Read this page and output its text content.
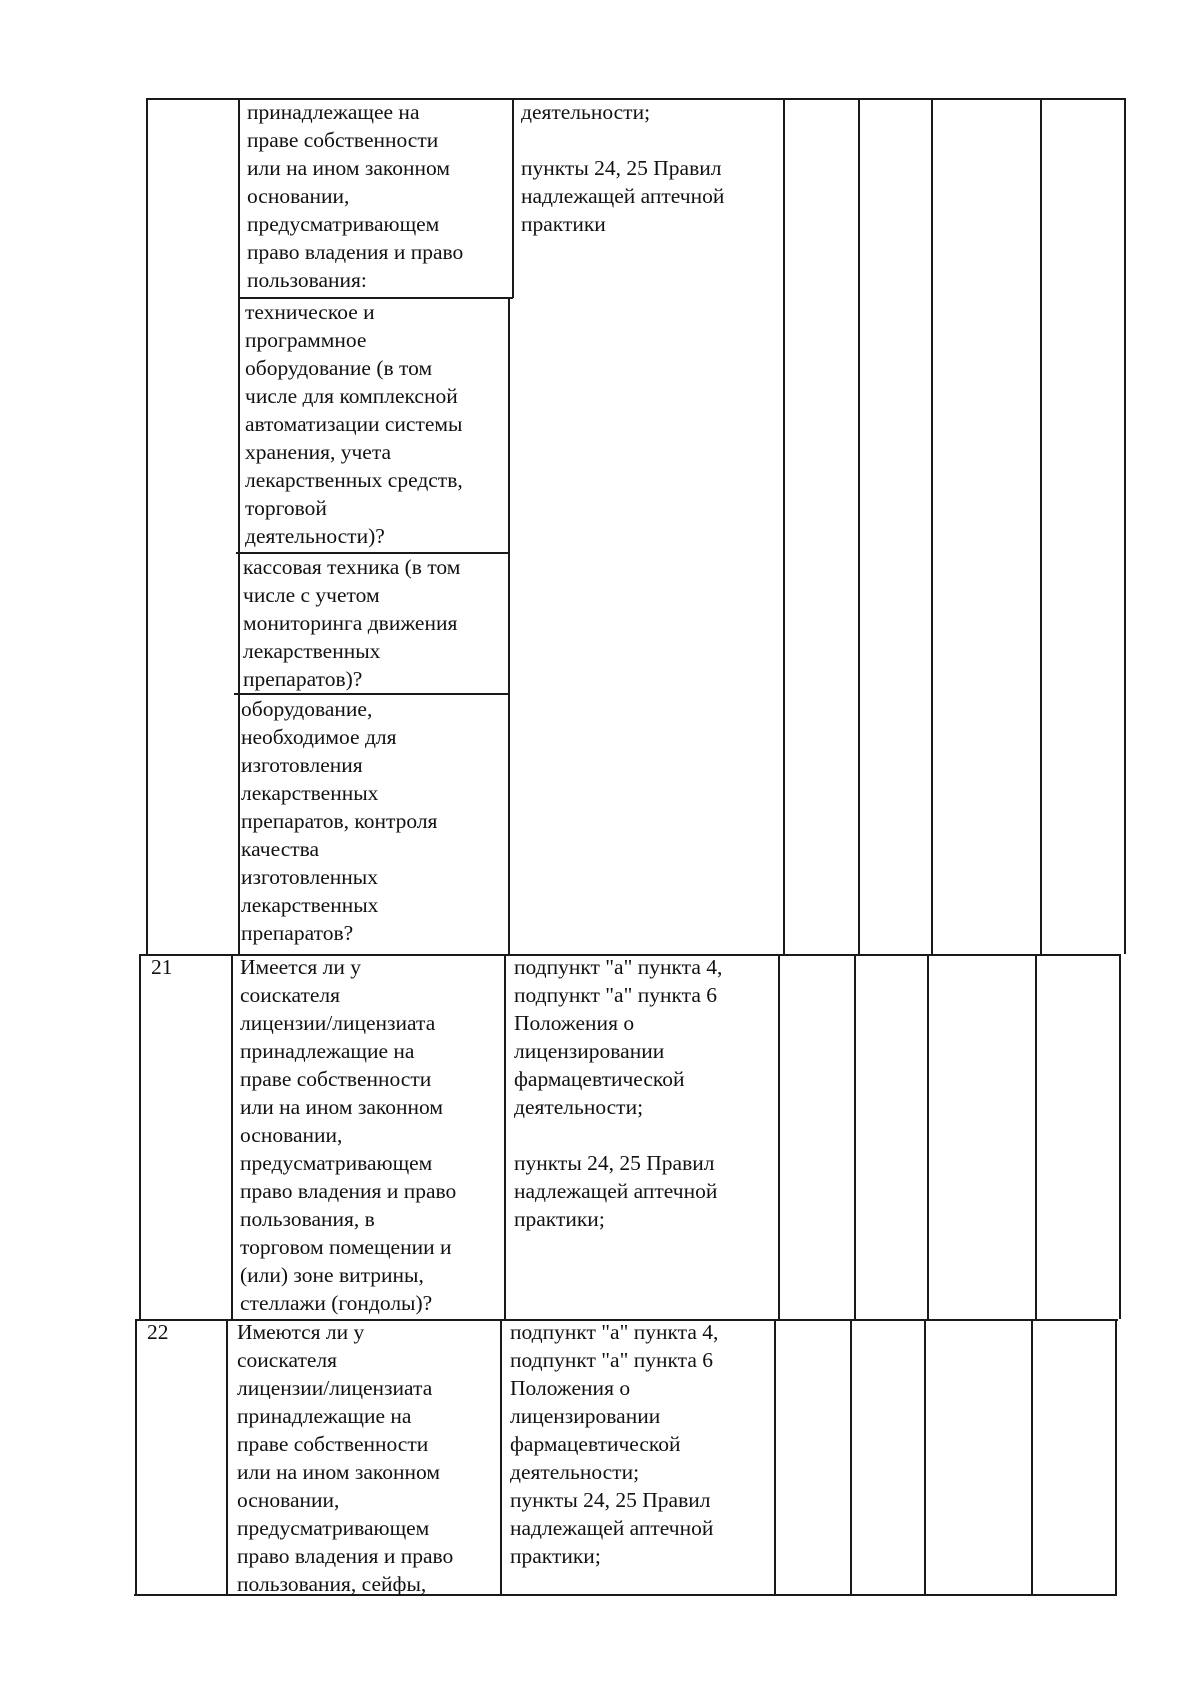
принадлежащее на
праве собственности
или на ином законном
основании,
предусматривающем
право владения и право
пользования:
техническое и
программное
оборудование (в том
числе для комплексной
автоматизации системы
хранения, учета
лекарственных средств,
торговой
деятельности)?
кассовая техника (в том
числе с учетом
мониторинга движения
лекарственных
препаратов)?
оборудование,
необходимое для
изготовления
лекарственных
препаратов, контроля
качества
изготовленных
лекарственных
препаратов?
деятельности;

пункты 24, 25 Правил
надлежащей аптечной
практики
21	Имеется ли у
соискателя
лицензии/лицензиата
принадлежащие на
праве собственности
или на ином законном
основании,
предусматривающем
право владения и право
пользования, в
торговом помещении и
(или) зоне витрины,
стеллажи (гондолы)?
подпункт "а" пункта 4,
подпункт "а" пункта 6
Положения о
лицензировании
фармацевтической
деятельности;

пункты 24, 25 Правил
надлежащей аптечной
практики;
22	Имеются ли у
соискателя
лицензии/лицензиата
принадлежащие на
праве собственности
или на ином законном
основании,
предусматривающем
право владения и право
пользования, сейфы,
подпункт "а" пункта 4,
подпункт "а" пункта 6
Положения о
лицензировании
фармацевтической
деятельности;
пункты 24, 25 Правил
надлежащей аптечной
практики;
